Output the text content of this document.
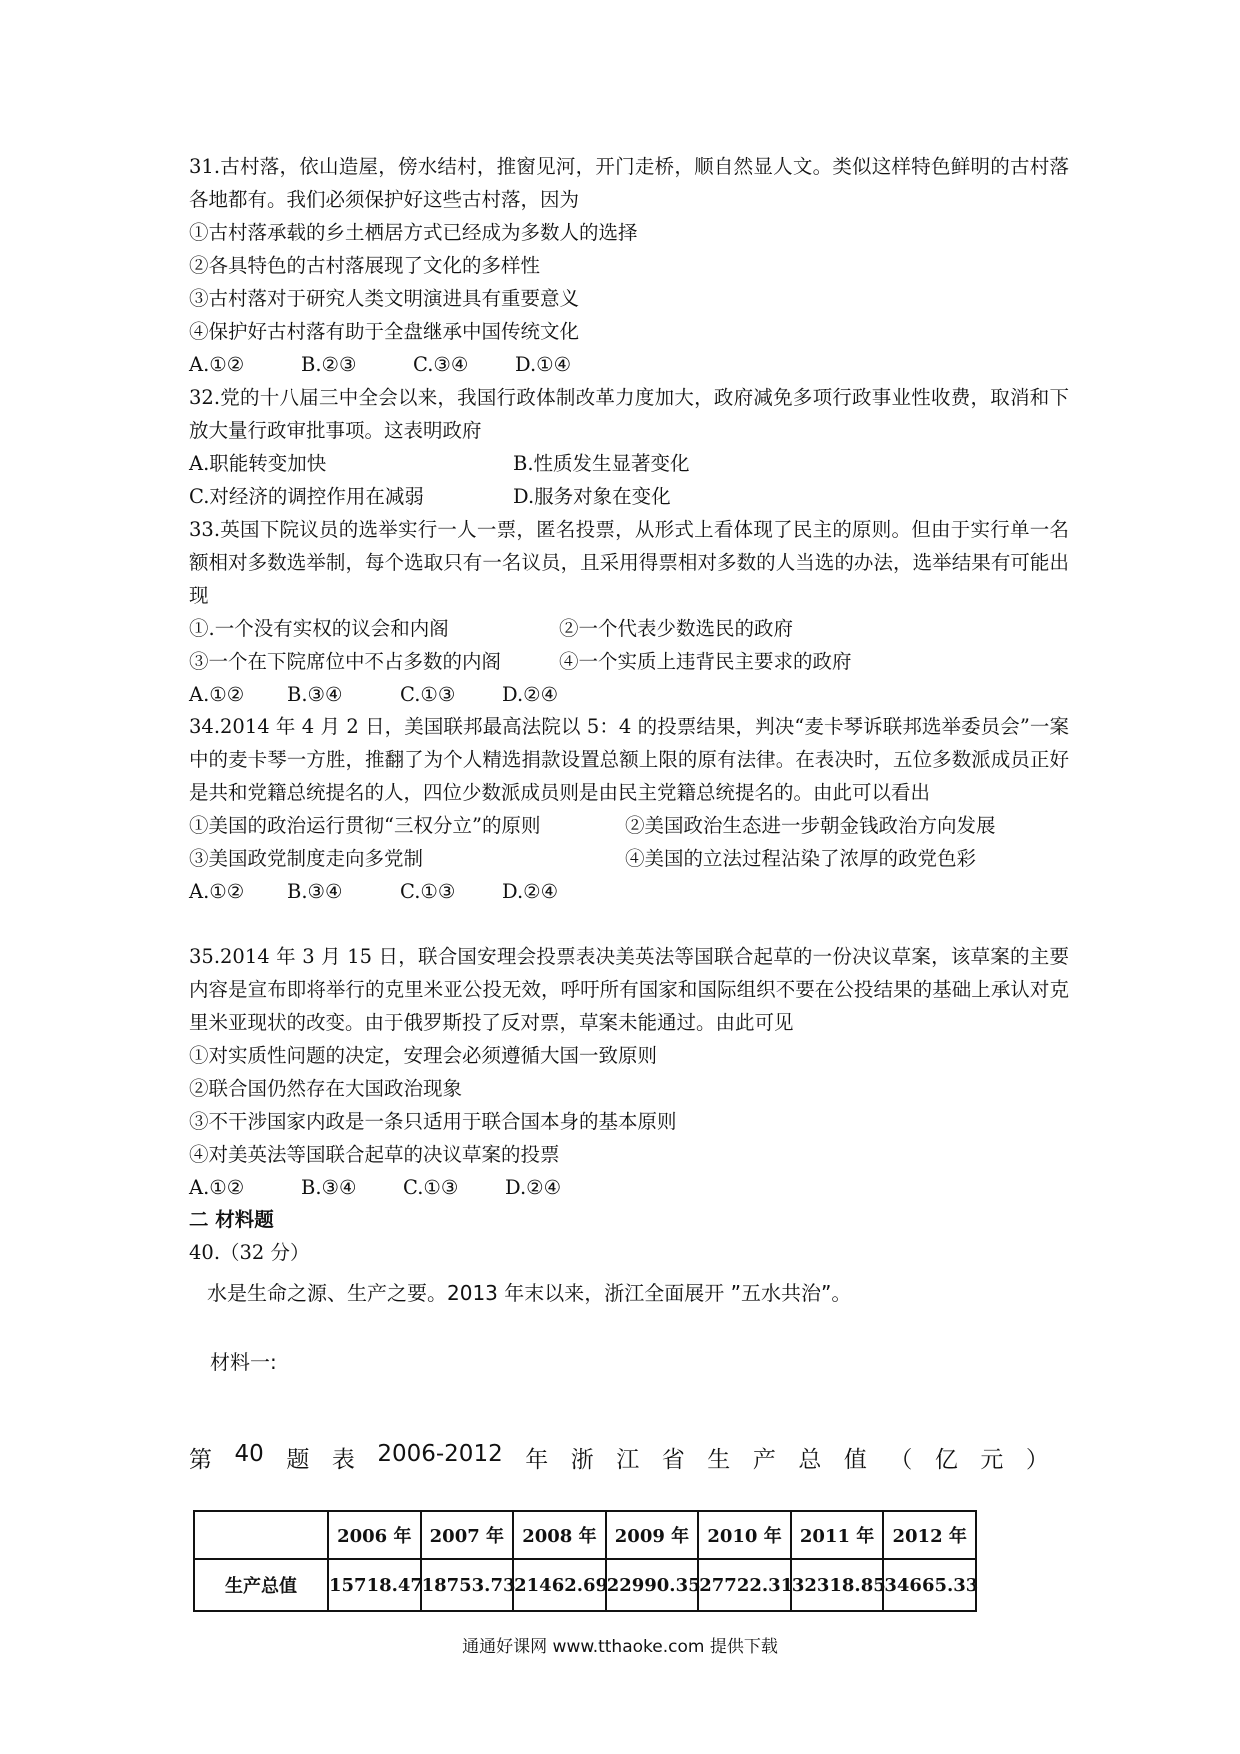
31.古村落，依山造屋，傍水结村，推窗见河，开门走桥，顺自然显人文。类似这样特色鲜明的古村落各地都有。我们必须保护好这些古村落，因为

①古村落承载的乡土栖居方式已经成为多数人的选择

②各具特色的古村落展现了文化的多样性

③古村落对于研究人类文明演进具有重要意义

④保护好古村落有助于全盘继承中国传统文化

A.①②	B.②③	C.③④	D.①④

32.党的十八届三中全会以来，我国行政体制改革力度加大，政府减免多项行政事业性收费，取消和下放大量行政审批事项。这表明政府

A.职能转变加快	B.性质发生显著变化
C.对经济的调控作用在减弱	D.服务对象在变化

33.英国下院议员的选举实行一人一票，匿名投票，从形式上看体现了民主的原则。但由于实行单一名额相对多数选举制，每个选取只有一名议员，且采用得票相对多数的人当选的办法，选举结果有可能出现

①.一个没有实权的议会和内阁	②一个代表少数选民的政府
③一个在下院席位中不占多数的内阁	④一个实质上违背民主要求的政府
A.①②	B.③④	C.①③	D.②④

34.2014 年 4 月 2 日，美国联邦最高法院以 5：4 的投票结果，判决“麦卡琴诉联邦选举委员会”一案中的麦卡琴一方胜，推翻了为个人精选捐款设置总额上限的原有法律。在表决时，五位多数派成员正好是共和党籍总统提名的人，四位少数派成员则是由民主党籍总统提名的。由此可以看出

①美国的政治运行贯彻“三权分立”的原则	②美国政治生态进一步朝金钱政治方向发展
③美国政党制度走向多党制	④美国的立法过程沾染了浓厚的政党色彩
A.①②	B.③④	C.①③	D.②④

35.2014 年 3 月 15 日，联合国安理会投票表决美英法等国联合起草的一份决议草案，该草案的主要内容是宣布即将举行的克里米亚公投无效，呼吁所有国家和国际组织不要在公投结果的基础上承认对克里米亚现状的改变。由于俄罗斯投了反对票，草案未能通过。由此可见

①对实质性问题的决定，安理会必须遵循大国一致原则

②联合国仍然存在大国政治现象

③不干涉国家内政是一条只适用于联合国本身的基本原则

④对美英法等国联合起草的决议草案的投票

A.①②	B.③④	C.①③	D.②④

二 材料题

40.（32 分）

水是生命之源、生产之要。2013 年末以来，浙江全面展开 ”五水共治”。
材料一:
第 40 题 表 2006-2012 年 浙 江 省 生 产 总 值 （ 亿 元 ）
	2006 年	2007 年	2008 年	2009 年	2010 年	2011 年	2012 年
生产总值	15718.47	18753.73	21462.69	22990.35	27722.31	32318.85	34665.33
通通好课网 www.tthaoke.com 提供下载
